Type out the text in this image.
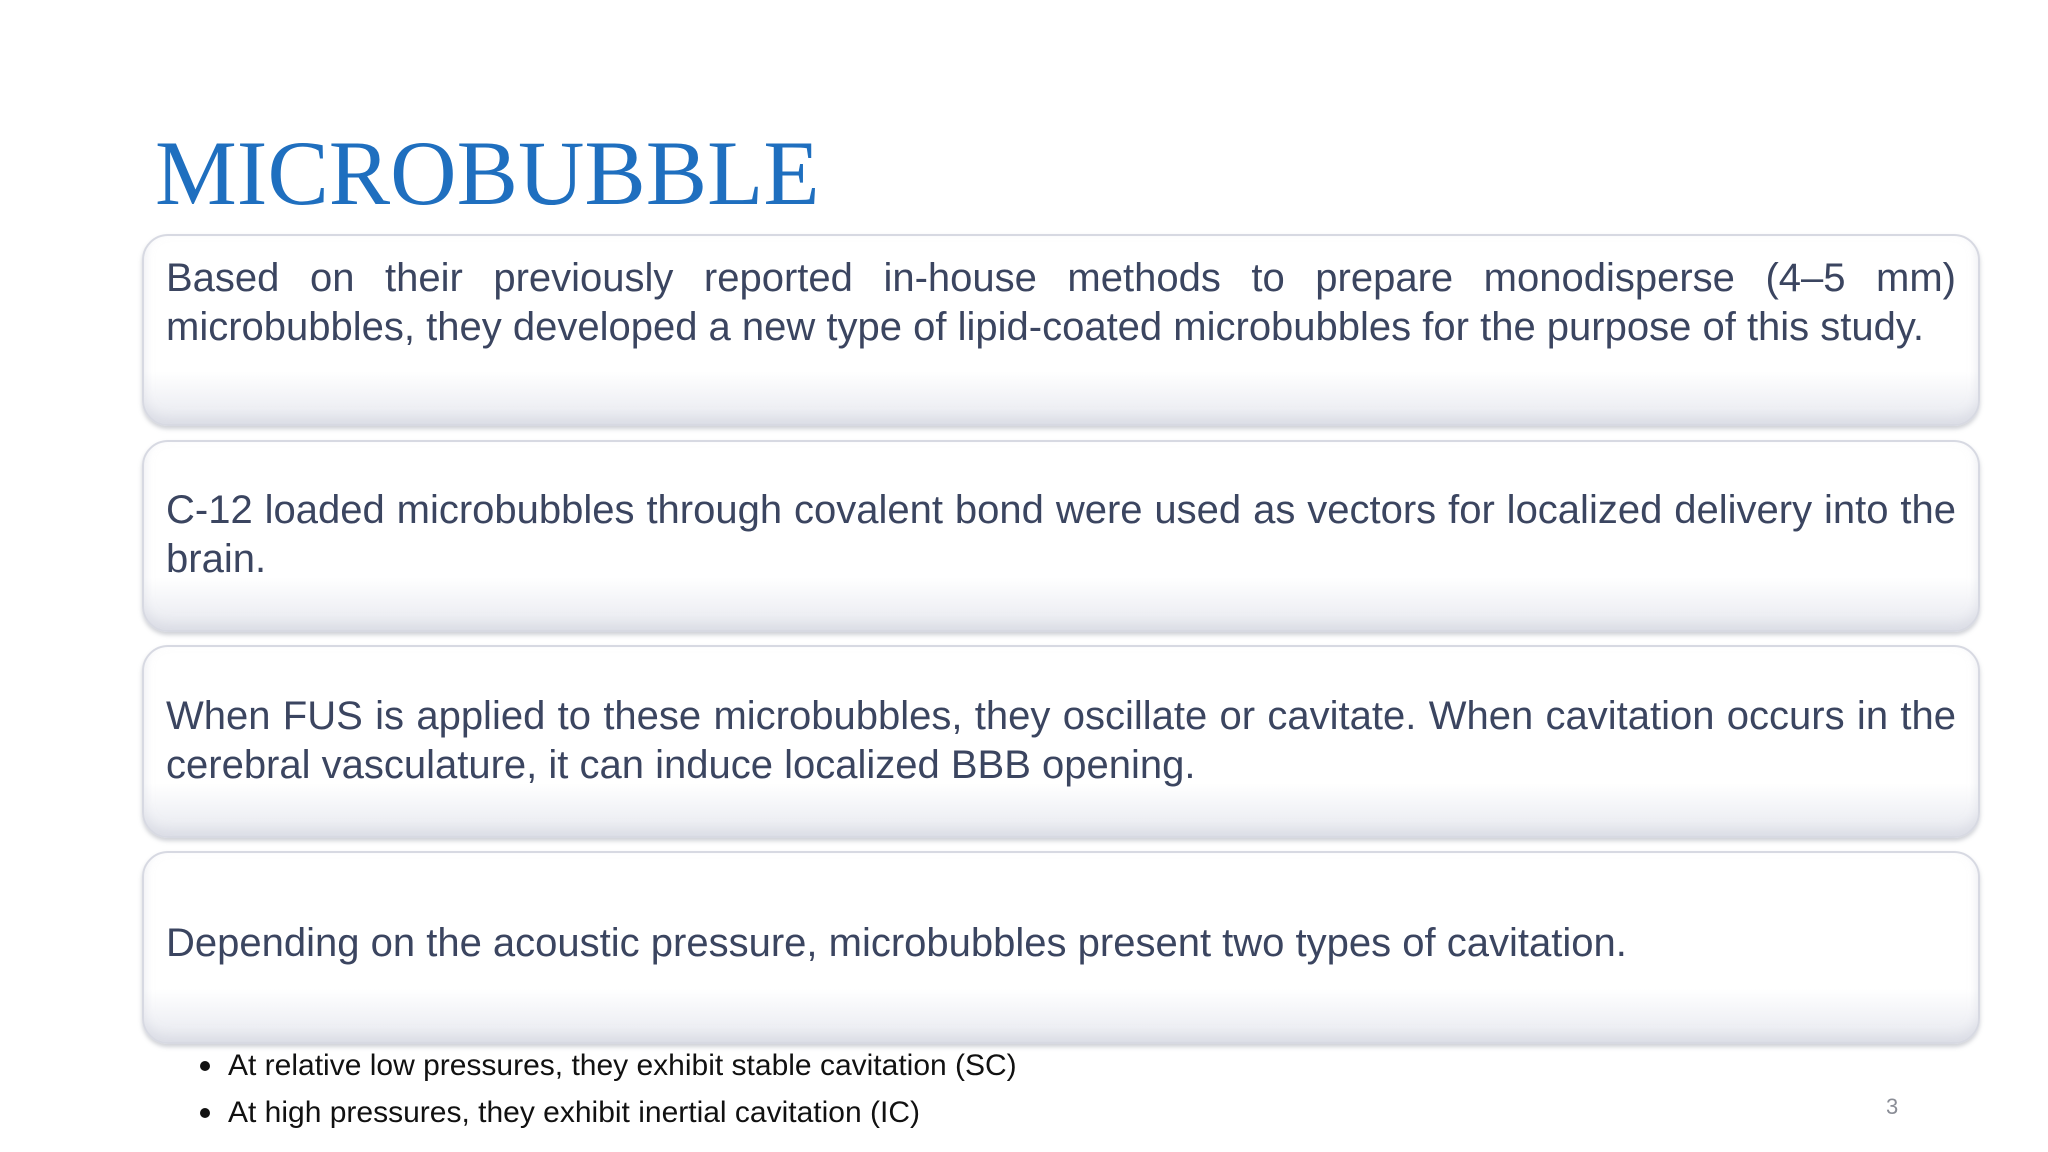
MICROBUBBLE

Based on their previously reported in-house methods to prepare monodisperse (4–5 mm) microbubbles, they developed a new type of lipid-coated microbubbles for the purpose of this study.

C-12 loaded microbubbles through covalent bond were used as vectors for localized delivery into the brain.

When FUS is applied to these microbubbles, they oscillate or cavitate. When cavitation occurs in the cerebral vasculature, it can induce localized BBB opening.

Depending on the acoustic pressure, microbubbles present two types of cavitation.

At relative low pressures, they exhibit stable cavitation (SC)
At high pressures, they exhibit inertial cavitation (IC)	3
